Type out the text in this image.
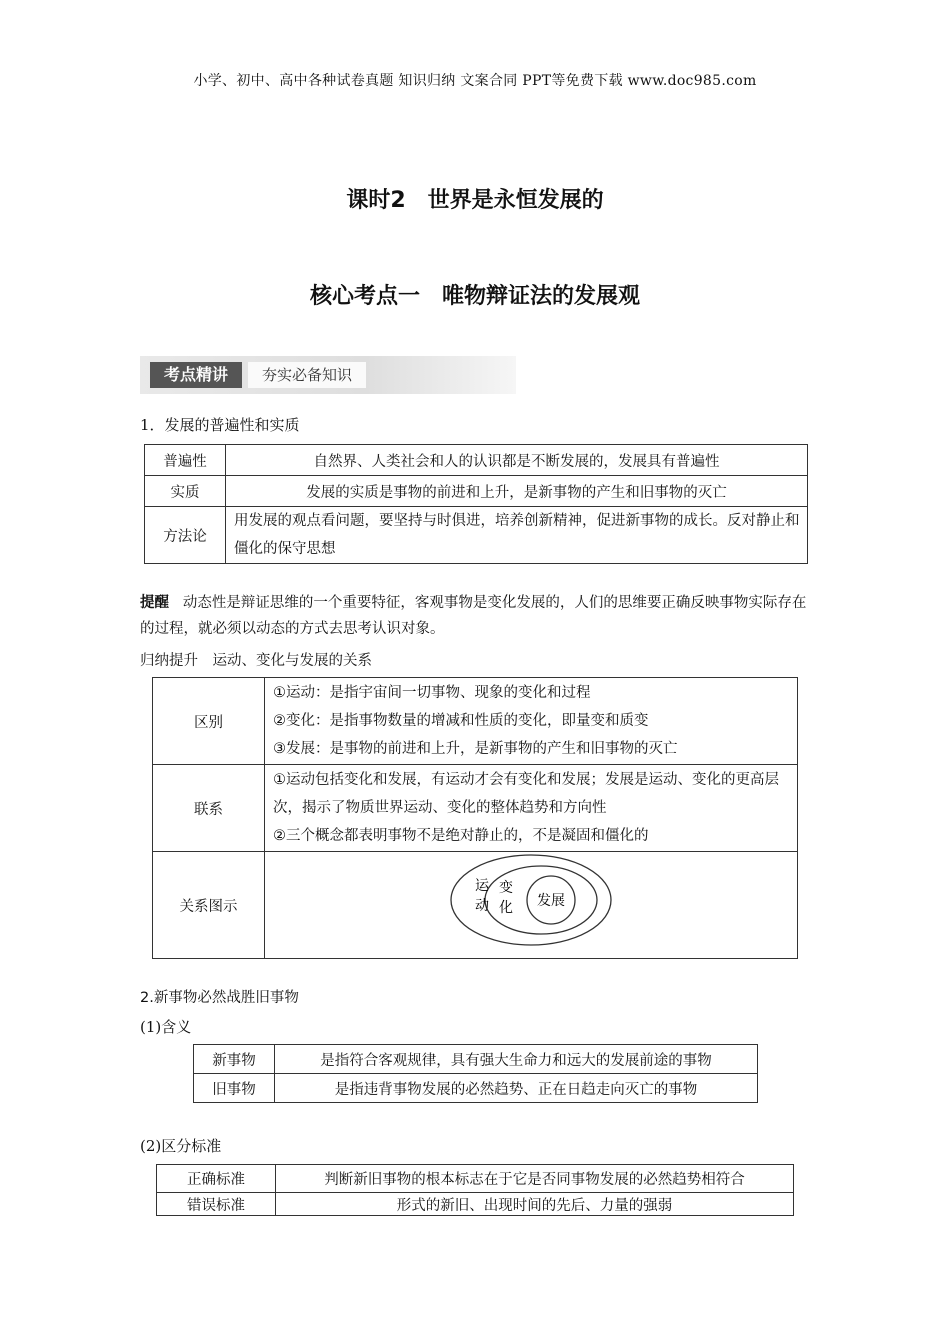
小学、初中、高中各种试卷真题 知识归纳 文案合同 PPT等免费下载 www.doc985.com
课时2　世界是永恒发展的
核心考点一　唯物辩证法的发展观
考点精讲	夯实必备知识
1．发展的普遍性和实质
普遍性	自然界、人类社会和人的认识都是不断发展的，发展具有普遍性
实质	发展的实质是事物的前进和上升，是新事物的产生和旧事物的灭亡
方法论	用发展的观点看问题，要坚持与时俱进，培养创新精神，促进新事物的成长。反对静止和僵化的保守思想
提醒 动态性是辩证思维的一个重要特征，客观事物是变化发展的，人们的思维要正确反映事物实际存在的过程，就必须以动态的方式去思考认识对象。
归纳提升　运动、变化与发展的关系
区别	①运动：是指宇宙间一切事物、现象的变化和过程
②变化：是指事物数量的增减和性质的变化，即量变和质变
③发展：是事物的前进和上升，是新事物的产生和旧事物的灭亡

联系	①运动包括变化和发展，有运动才会有变化和发展；发展是运动、变化的更高层次，揭示了物质世界运动、变化的整体趋势和方向性
②三个概念都表明事物不是绝对静止的，不是凝固和僵化的

关系图示	运
动
变
化 发展
2.新事物必然战胜旧事物
(1)含义
新事物	是指符合客观规律，具有强大生命力和远大的发展前途的事物
旧事物	是指违背事物发展的必然趋势、正在日趋走向灭亡的事物
(2)区分标准
正确标准	判断新旧事物的根本标志在于它是否同事物发展的必然趋势相符合
错误标准	形式的新旧、出现时间的先后、力量的强弱
